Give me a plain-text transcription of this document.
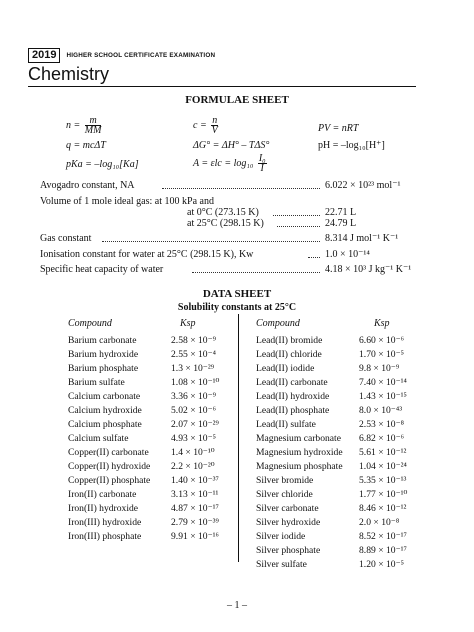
2019	HIGHER SCHOOL CERTIFICATE EXAMINATION
Chemistry
FORMULAE SHEET
$n = \frac{m}{MM}$	$c = \frac{n}{V}$	PV = nRT
q = mcΔT	ΔG° = ΔH° – TΔS°	pH = –log₁₀[H⁺]
pKa = –log₁₀[Ka]	$A = \varepsilon lc = \log_{10} \frac{\text{I₀}}{I}$
Avogadro constant, NA	6.022 × 10²³ mol⁻¹
Volume of 1 mole ideal gas: at 100 kPa and
at 0°C (273.15 K)	22.71 L
at 25°C (298.15 K)	24.79 L
Gas constant	8.314 J mol⁻¹ K⁻¹
Ionisation constant for water at 25°C (298.15 K), Kw	1.0 × 10⁻¹⁴
Specific heat capacity of water	4.18 × 10³ J kg⁻¹ K⁻¹
DATA SHEET
Solubility constants at 25°C
Compound	Ksp	Compound	Ksp
Barium carbonate	2.58 × 10⁻⁹
Barium hydroxide	2.55 × 10⁻⁴
Barium phosphate	1.3 × 10⁻²⁹
Barium sulfate	1.08 × 10⁻¹⁰
Calcium carbonate	3.36 × 10⁻⁹
Calcium hydroxide	5.02 × 10⁻⁶
Calcium phosphate	2.07 × 10⁻²⁹
Calcium sulfate	4.93 × 10⁻⁵
Copper(II) carbonate 1.4 × 10⁻¹⁰
Copper(II) hydroxide 2.2 × 10⁻²⁰
Copper(II) phosphate 1.40 × 10⁻³⁷
Iron(II) carbonate	3.13 × 10⁻¹¹
Iron(II) hydroxide	4.87 × 10⁻¹⁷
Iron(III) hydroxide	2.79 × 10⁻³⁹
Iron(III) phosphate	9.91 × 10⁻¹⁶
Lead(II) bromide	6.60 × 10⁻⁶
Lead(II) chloride	1.70 × 10⁻⁵
Lead(II) iodide	9.8 × 10⁻⁹
Lead(II) carbonate	7.40 × 10⁻¹⁴
Lead(II) hydroxide	1.43 × 10⁻¹⁵
Lead(II) phosphate	8.0 × 10⁻⁴³
Lead(II) sulfate	2.53 × 10⁻⁸
Magnesium carbonate 6.82 × 10⁻⁶
Magnesium hydroxide 5.61 × 10⁻¹²
Magnesium phosphate 1.04 × 10⁻²⁴
Silver bromide	5.35 × 10⁻¹³
Silver chloride	1.77 × 10⁻¹⁰
Silver carbonate	8.46 × 10⁻¹²
Silver hydroxide	2.0 × 10⁻⁸
Silver iodide	8.52 × 10⁻¹⁷
Silver phosphate	8.89 × 10⁻¹⁷
Silver sulfate	1.20 × 10⁻⁵
– 1 –
